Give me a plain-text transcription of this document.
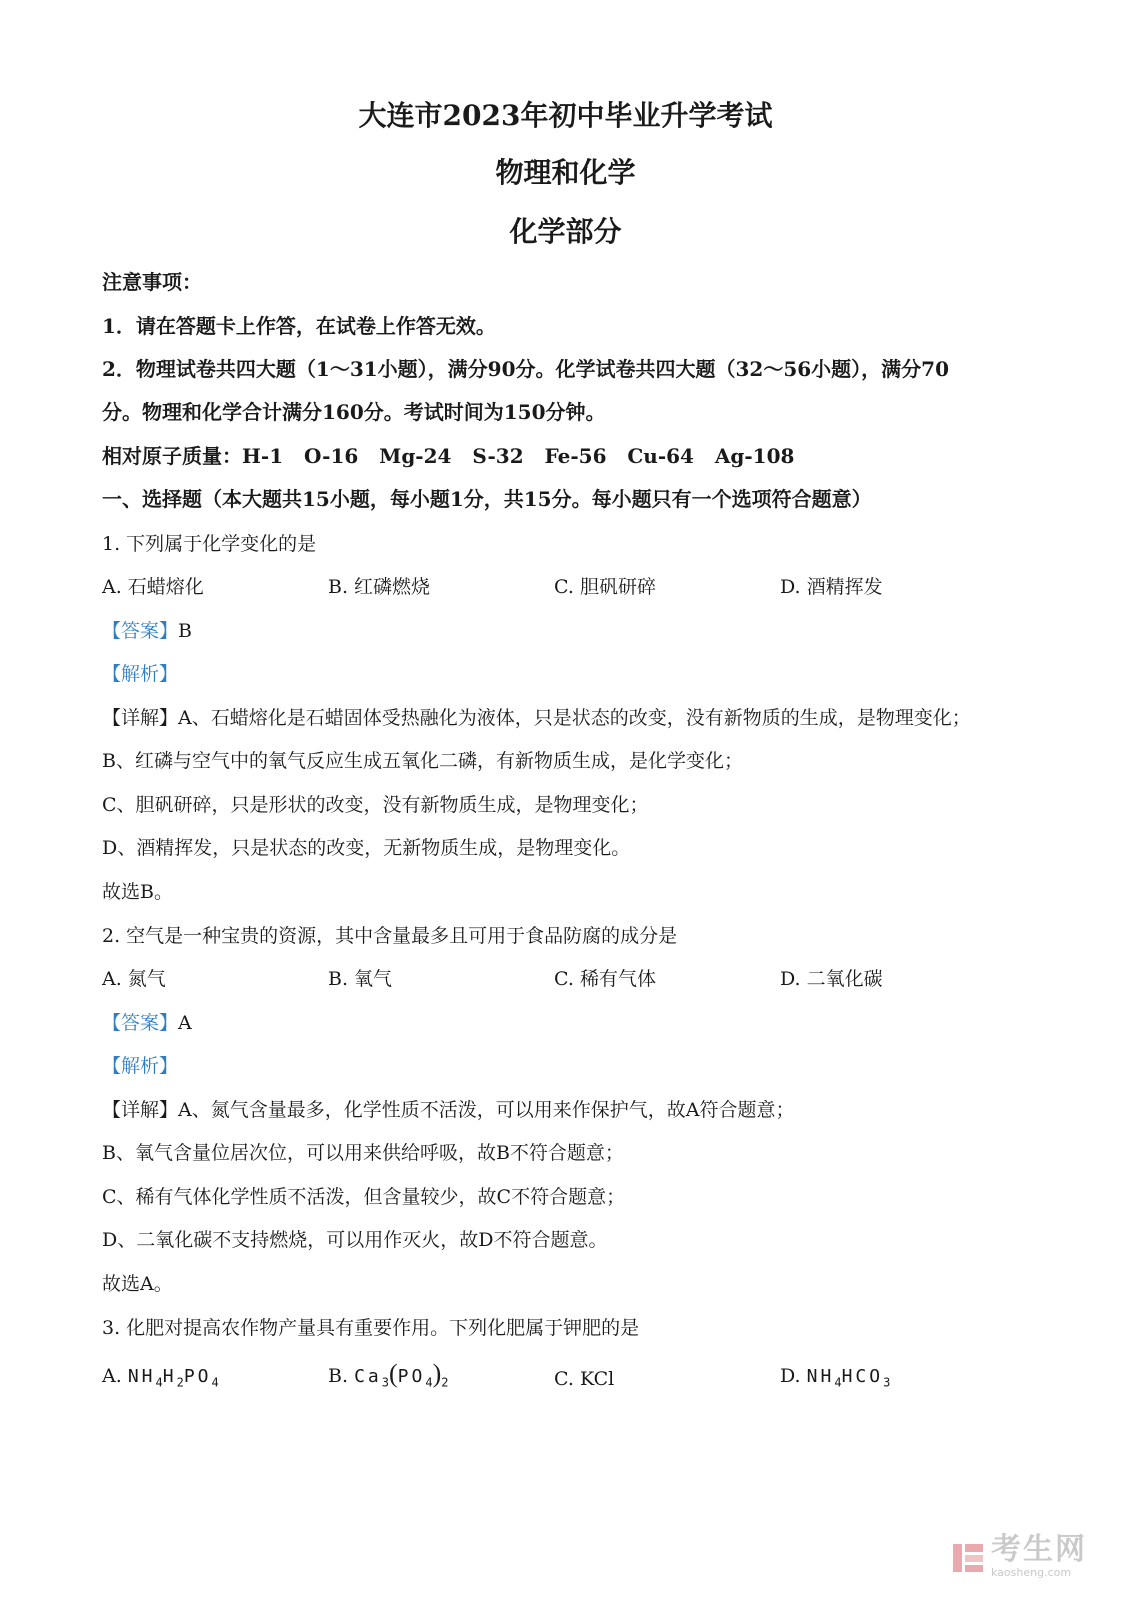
大连市2023年初中毕业升学考试
物理和化学
化学部分
注意事项：
1．请在答题卡上作答，在试卷上作答无效。
2．物理试卷共四大题（1～31小题），满分90分。化学试卷共四大题（32～56小题），满分70
分。物理和化学合计满分160分。考试时间为150分钟。
相对原子质量：H-1   O-16   Mg-24   S-32   Fe-56   Cu-64   Ag-108
一、选择题（本大题共15小题，每小题1分，共15分。每小题只有一个选项符合题意）
1. 下列属于化学变化的是
A. 石蜡熔化	B. 红磷燃烧	C. 胆矾研碎	D. 酒精挥发
【答案】B
【解析】
【详解】A、石蜡熔化是石蜡固体受热融化为液体，只是状态的改变，没有新物质的生成，是物理变化；
B、红磷与空气中的氧气反应生成五氧化二磷，有新物质生成，是化学变化；
C、胆矾研碎，只是形状的改变，没有新物质生成，是物理变化；
D、酒精挥发，只是状态的改变，无新物质生成，是物理变化。
故选B。
2. 空气是一种宝贵的资源，其中含量最多且可用于食品防腐的成分是
A. 氮气	B. 氧气	C. 稀有气体	D. 二氧化碳
【答案】A
【解析】
【详解】A、氮气含量最多，化学性质不活泼，可以用来作保护气，故A符合题意；
B、氧气含量位居次位，可以用来供给呼吸，故B不符合题意；
C、稀有气体化学性质不活泼，但含量较少，故C不符合题意；
D、二氧化碳不支持燃烧，可以用作灭火，故D不符合题意。
故选A。
3. 化肥对提高农作物产量具有重要作用。下列化肥属于钾肥的是
A. $NH_4H_2PO_4$	B. $Ca_3(PO_4)_2$	C. KCl	D. $NH_4HCO_3$
考生网
kaosheng.com
